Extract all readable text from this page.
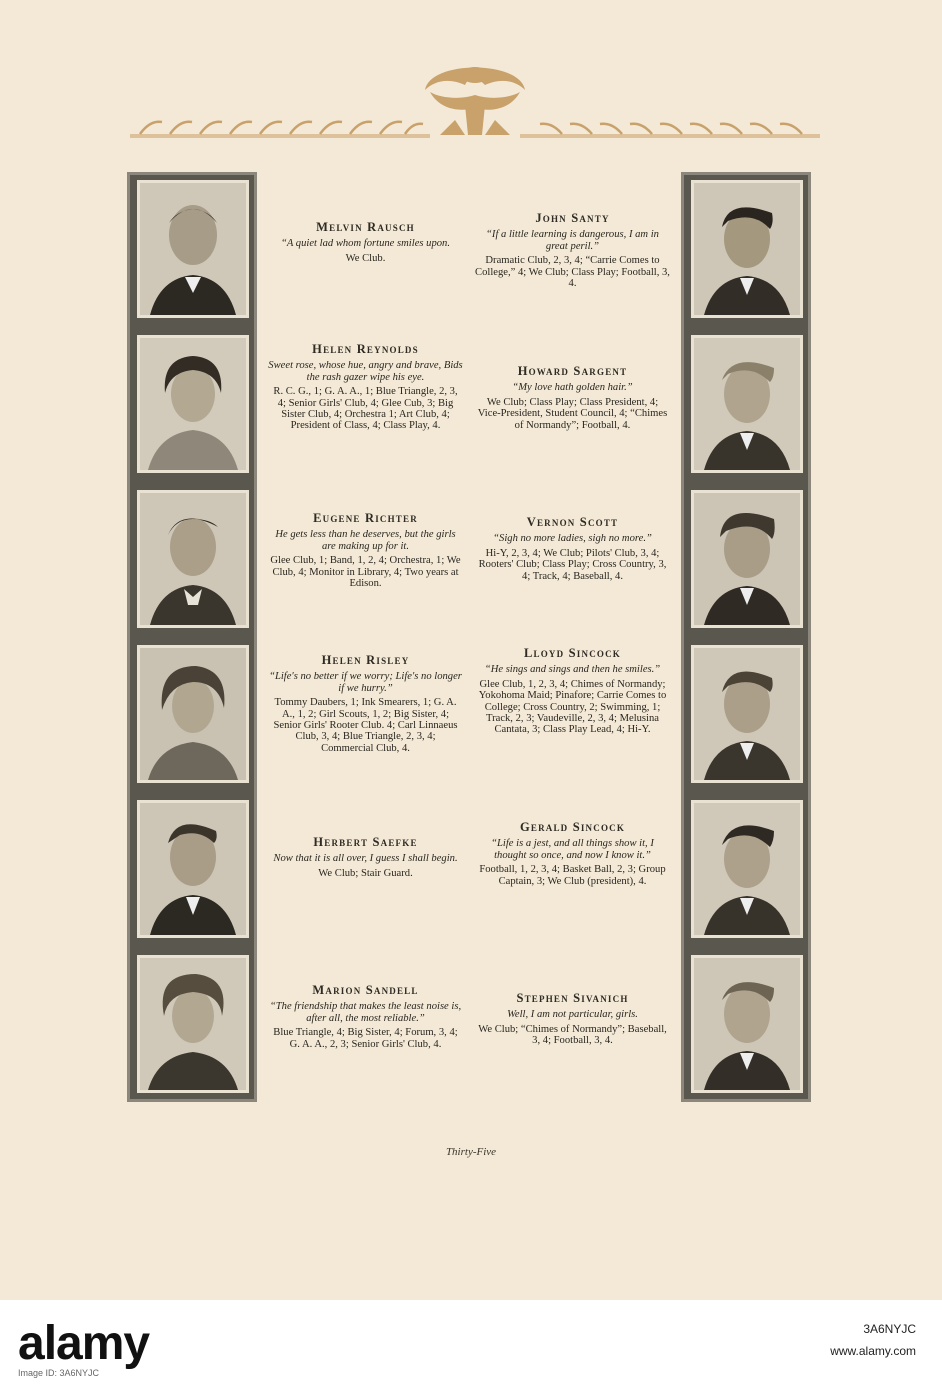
Melvin Rausch
“A quiet lad whom fortune smiles upon.
We Club.
Helen Reynolds
Sweet rose, whose hue, angry and brave, Bids the rash gazer wipe his eye.
R. C. G., 1; G. A. A., 1; Blue Triangle, 2, 3, 4; Senior Girls' Club, 4; Glee Cub, 3; Big Sister Club, 4; Orchestra 1; Art Club, 4; President of Class, 4; Class Play, 4.
Eugene Richter
He gets less than he deserves, but the girls are making up for it.
Glee Club, 1; Band, 1, 2, 4; Orchestra, 1; We Club, 4; Monitor in Library, 4; Two years at Edison.
Helen Risley
“Life's no better if we worry; Life's no longer if we hurry.”
Tommy Daubers, 1; Ink Smearers, 1; G. A. A., 1, 2; Girl Scouts, 1, 2; Big Sister, 4; Senior Girls' Rooter Club. 4; Carl Linnaeus Club, 3, 4; Blue Triangle, 2, 3, 4; Commercial Club, 4.
Herbert Saefke
Now that it is all over, I guess I shall begin.
We Club; Stair Guard.
Marion Sandell
“The friendship that makes the least noise is, after all, the most reliable.”
Blue Triangle, 4; Big Sister, 4; Forum, 3, 4; G. A. A., 2, 3; Senior Girls' Club, 4.
John Santy
“If a little learning is dangerous, I am in great peril.”
Dramatic Club, 2, 3, 4; “Carrie Comes to College,” 4; We Club; Class Play; Football, 3, 4.
Howard Sargent
“My love hath golden hair.”
We Club; Class Play; Class President, 4; Vice-President, Student Council, 4; “Chimes of Normandy”; Football, 4.
Vernon Scott
“Sigh no more ladies, sigh no more.”
Hi-Y, 2, 3, 4; We Club; Pilots' Club, 3, 4; Rooters' Club; Class Play; Cross Country, 3, 4; Track, 4; Baseball, 4.
Lloyd Sincock
“He sings and sings and then he smiles.”
Glee Club, 1, 2, 3, 4; Chimes of Normandy; Yokohoma Maid; Pinafore; Carrie Comes to College; Cross Country, 2; Swimming, 1; Track, 2, 3; Vaudeville, 2, 3, 4; Melusina Cantata, 3; Class Play Lead, 4; Hi-Y.
Gerald Sincock
“Life is a jest, and all things show it, I thought so once, and now I know it.”
Football, 1, 2, 3, 4; Basket Ball, 2, 3; Group Captain, 3; We Club (president), 4.
Stephen Sivanich
Well, I am not particular, girls.
We Club; “Chimes of Normandy”; Baseball, 3, 4; Football, 3, 4.
Thirty-Five
alamy
Image ID: 3A6NYJC
3A6NYJC
www.alamy.com
